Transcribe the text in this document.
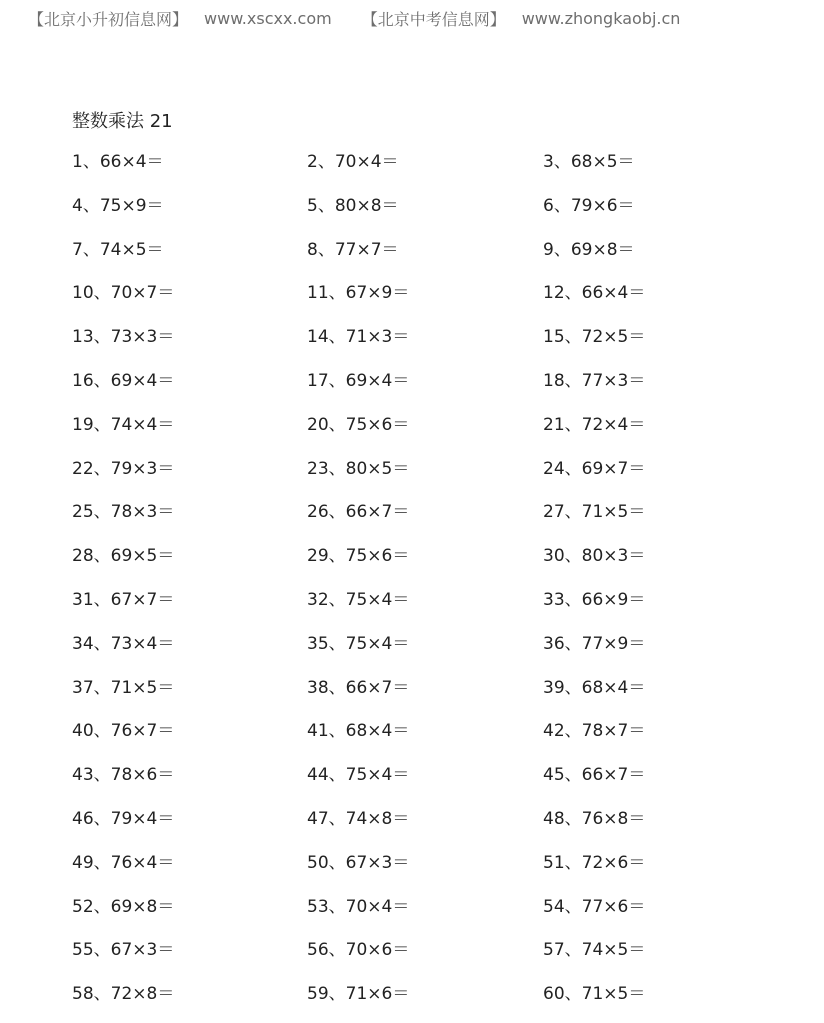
【北京小升初信息网】 www.xscxx.com 【北京中考信息网】 www.zhongkaobj.cn
整数乘法 21
1、66×4＝	2、70×4＝	3、68×5＝
4、75×9＝	5、80×8＝	6、79×6＝
7、74×5＝	8、77×7＝	9、69×8＝
10、70×7＝	11、67×9＝	12、66×4＝
13、73×3＝	14、71×3＝	15、72×5＝
16、69×4＝	17、69×4＝	18、77×3＝
19、74×4＝	20、75×6＝	21、72×4＝
22、79×3＝	23、80×5＝	24、69×7＝
25、78×3＝	26、66×7＝	27、71×5＝
28、69×5＝	29、75×6＝	30、80×3＝
31、67×7＝	32、75×4＝	33、66×9＝
34、73×4＝	35、75×4＝	36、77×9＝
37、71×5＝	38、66×7＝	39、68×4＝
40、76×7＝	41、68×4＝	42、78×7＝
43、78×6＝	44、75×4＝	45、66×7＝
46、79×4＝	47、74×8＝	48、76×8＝
49、76×4＝	50、67×3＝	51、72×6＝
52、69×8＝	53、70×4＝	54、77×6＝
55、67×3＝	56、70×6＝	57、74×5＝
58、72×8＝	59、71×6＝	60、71×5＝
